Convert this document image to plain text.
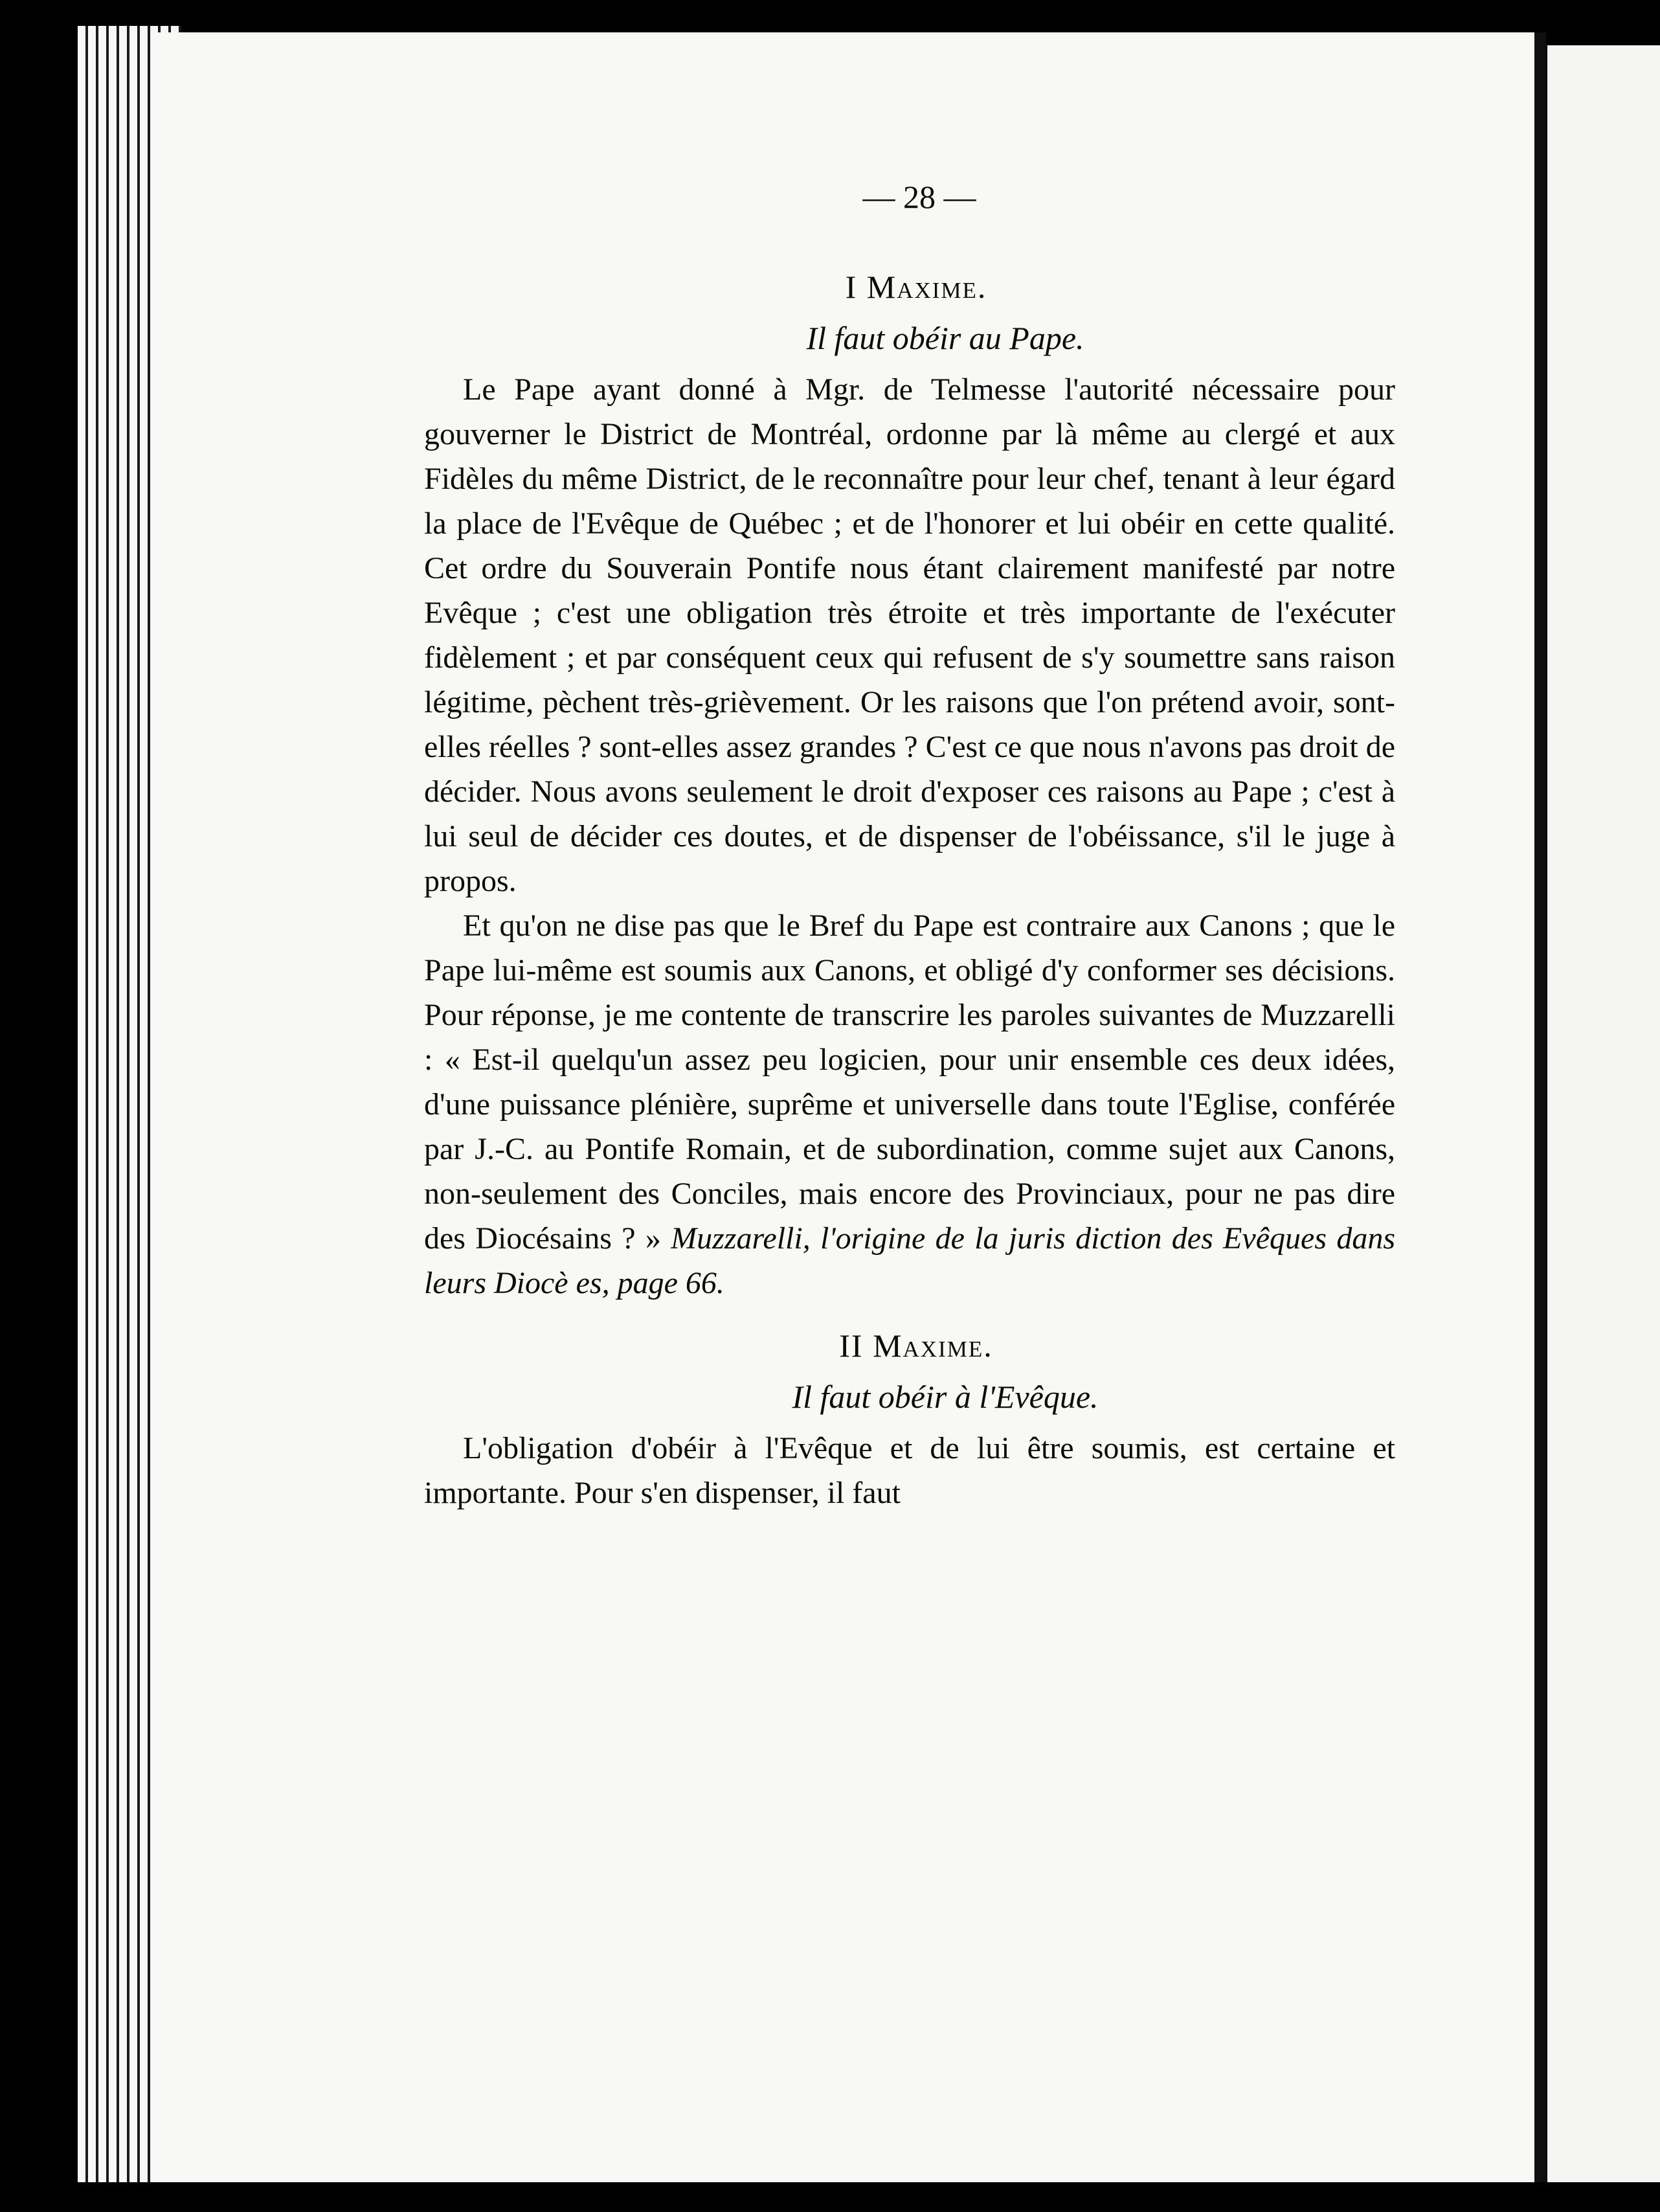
— 28 —
I Maxime.
Il faut obéir au Pape.

Le Pape ayant donné à Mgr. de Telmesse l'autorité nécessaire pour gouverner le District de Montréal, ordonne par là même au clergé et aux Fidèles du même District, de le reconnaître pour leur chef, tenant à leur égard la place de l'Evêque de Québec ; et de l'honorer et lui obéir en cette qualité. Cet ordre du Souverain Pontife nous étant clairement manifesté par notre Evêque ; c'est une obligation très étroite et très importante de l'exécuter fidèlement ; et par conséquent ceux qui refusent de s'y soumettre sans raison légitime, pèchent très-grièvement. Or les raisons que l'on prétend avoir, sont-elles réelles ? sont-elles assez grandes ? C'est ce que nous n'avons pas droit de décider. Nous avons seulement le droit d'exposer ces raisons au Pape ; c'est à lui seul de décider ces doutes, et de dispenser de l'obéissance, s'il le juge à propos.

Et qu'on ne dise pas que le Bref du Pape est contraire aux Canons ; que le Pape lui-même est soumis aux Canons, et obligé d'y conformer ses décisions. Pour réponse, je me contente de transcrire les paroles suivantes de Muzzarelli : « Est-il quelqu'un assez peu logicien, pour unir ensemble ces deux idées, d'une puissance plénière, suprême et universelle dans toute l'Eglise, conférée par J.-C. au Pontife Romain, et de subordination, comme sujet aux Canons, non-seulement des Conciles, mais encore des Provinciaux, pour ne pas dire des Diocésains ? » Muzzarelli, l'origine de la juris diction des Evêques dans leurs Diocè es, page 66.

II Maxime.
Il faut obéir à l'Evêque.

L'obligation d'obéir à l'Evêque et de lui être soumis, est certaine et importante. Pour s'en dispenser, il faut
